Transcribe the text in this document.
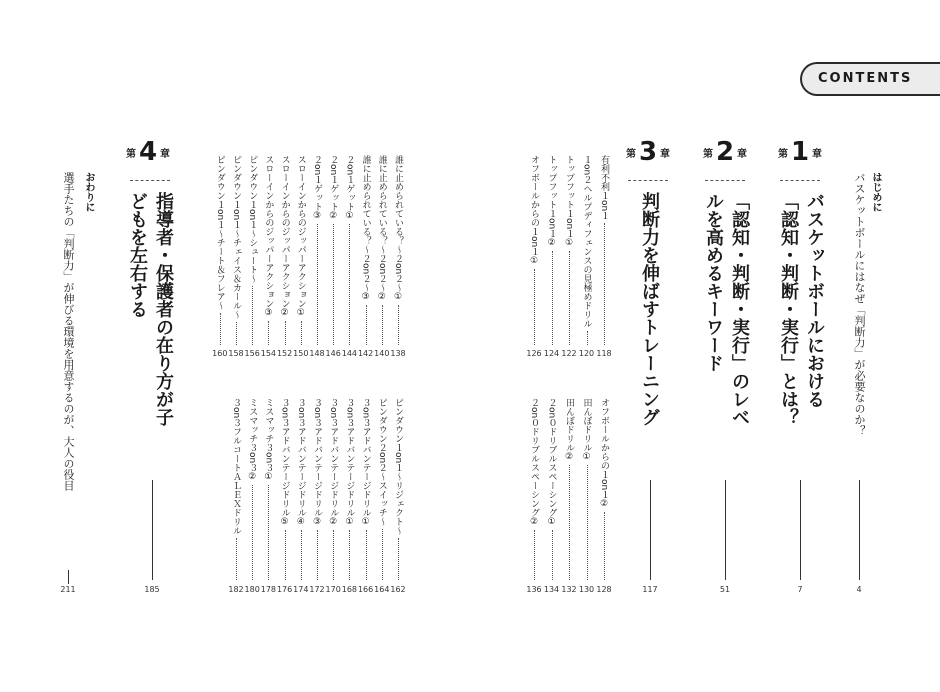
CONTENTS
はじめに
バスケットボールにはなぜ「判断力」が必要なのか？
4
第 1 章
バスケットボールにおける「認知・判断・実行」とは？
7
第 2 章
「認知・判断・実行」のレベルを高めるキーワード
51
第 3 章
判断力を伸ばすトレーニング
117
有利不利１on１
118
１on２ヘルプディフェンスの見極めドリル
120
トップフット１on１①
122
トップフット１on１②
124
オフボールからの１on１①
126
オフボールからの１on１②
128
田んぼドリル①
130
田んぼドリル②
132
２on０ドリブルスペーシング①
134
２on０ドリブルスペーシング②
136
第 4 章
指導者・保護者の在り方が子どもを左右する
185
誰に止められている？～２on２～①
138
誰に止められている？～２on２～②
140
誰に止められている？～２on２～③
142
２on１ゲット①
144
２on１ゲット②
146
２on１ゲット③
148
スローインからのジッパーアクション①
150
スローインからのジッパーアクション②
152
スローインからのジッパーアクション③
154
ピンダウン１on１～シュート～
156
ピンダウン１on１～チェイス＆カール～
158
ピンダウン１on１～チート＆フレア～
160
ピンダウン１on１～リジェクト～
162
ピンダウン２on２～スイッチ～
164
３on３アドバンテージドリル①
166
３on３アドバンテージドリル①
168
３on３アドバンテージドリル②
170
３on３アドバンテージドリル③
172
３on３アドバンテージドリル④
174
３on３アドバンテージドリル⑤
176
ミスマッチ３on３①
178
ミスマッチ３on３②
180
３on３フルコートＡＬＥＸドリル
182
おわりに
選手たちの「判断力」が伸びる環境を用意するのが、大人の役目
211
